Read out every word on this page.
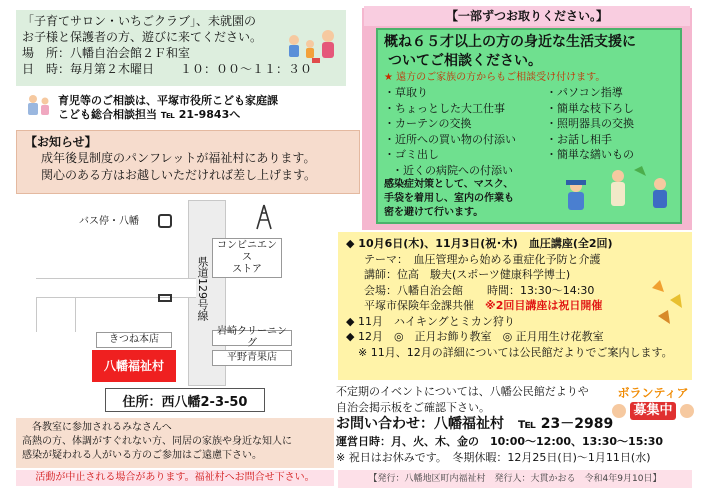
「子育てサロン・いちごクラブ」、未就園の
お子様と保護者の方、遊びに来てください。
場　所：八幡自治会館２Ｆ和室
日　時：毎月第２木曜日 １０：００～１１：３０
育児等のご相談は、平塚市役所こども家庭課
こども総合相談担当 ℡ 21-9843へ
【お知らせ】
成年後見制度のパンフレットが福祉村にあります。
関心のある方はお越しいただければ差し上げます。
バス停・八幡
コンビニエンス
ストア
県道129号線
きつね本店
岩崎クリーニング
平野青果店
八幡福祉村
住所：西八幡2-3-50
各教室に参加されるみなさんへ
高熱の方、体調がすぐれない方、同居の家族や身近な知人に
感染が疑われる人がいる方のご参加はご遠慮下さい。
活動が中止される場合があります。福祉村へお問合せ下さい。
【一部ずつお取りください。】
概ね６５才以上の方の身近な生活支援に
ついてご相談ください。
★ 遠方のご家族の方からもご相談受け付けます。
・草取り	・パソコン指導
・ちょっとした大工仕事	・簡単な枝下ろし
・カーテンの交換	・照明器具の交換
・近所への買い物の付添い	・お話し相手
・ゴミ出し	・簡単な繕いもの
・近くの病院への付添い
感染症対策として、マスク、
手袋を着用し、室内の作業も
密を避けて行います。
◆ 10月6日(木)、11月3日(祝･木)　血圧講座(全2回)
テーマ：　血圧管理から始める重症化予防と介護
講師：位高　駿夫(スポーツ健康科学博士)
会場：八幡自治会館 時間：13:30～14:30
平塚市保険年金課共催　 ※2回目講座は祝日開催
◆ 11月　ハイキングとミカン狩り
◆ 12月　 ◎　正月お飾り教室　 ◎ 正月用生け花教室
※ 11月、12月の詳細については公民館だよりでご案内します。
不定期のイベントについては、八幡公民館だよりや
自治会掲示板をご確認下さい。
お問い合わせ：八幡福祉村　 ℡ 23－2989
運営日時：月、火、木、金の　10:00～12:00、13:30～15:30
※ 祝日はお休みです。　冬期休暇：12月25日(日)～1月11日(水)
ボランティア
募集中
【発行：八幡地区町内福祉村　発行人：大貫かおる　令和4年9月10日】
